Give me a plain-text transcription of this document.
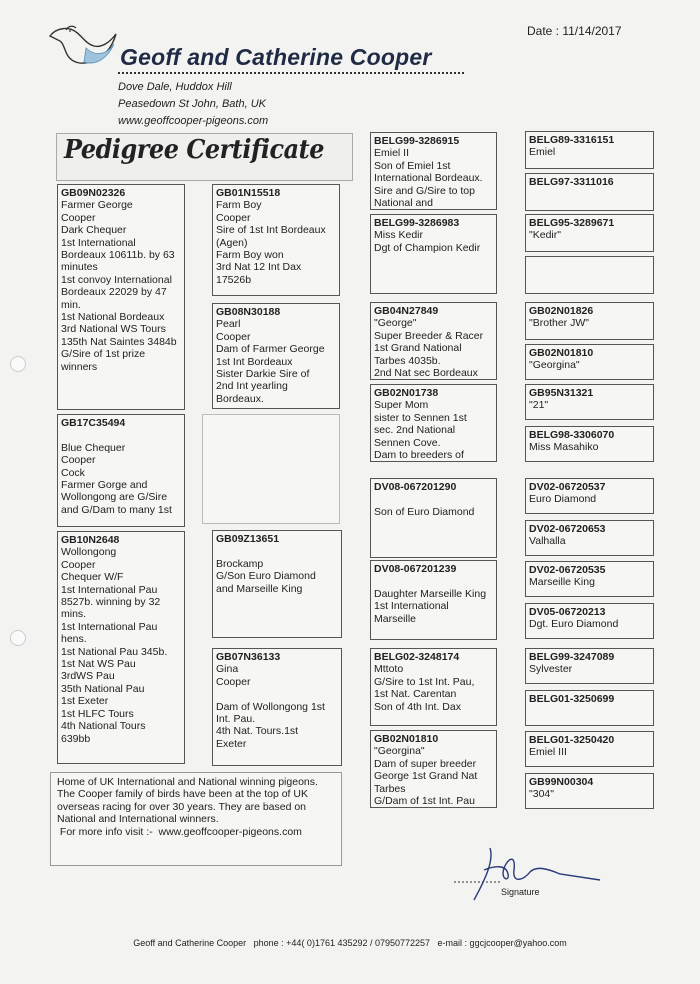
Date : 11/14/2017
Geoff and Catherine Cooper
Dove Dale, Huddox Hill
Peasedown St John, Bath, UK
www.geoffcooper-pigeons.com
Pedigree Certificate
GB09N02326
Farmer George
Cooper
Dark Chequer
1st International
Bordeaux 10611b. by 63
minutes
1st convoy International
Bordeaux 22029 by 47
min.
1st National Bordeaux
3rd National WS Tours
135th Nat Saintes 3484b
G/Sire of 1st prize
winners
GB17C35494

Blue Chequer
Cooper
Cock
Farmer Gorge and
Wollongong are G/Sire
and G/Dam to many 1st
GB10N2648
Wollongong
Cooper
Chequer W/F
1st International Pau
8527b. winning by 32
mins.
1st International Pau
hens.
1st National Pau 345b.
1st Nat WS Pau
3rdWS Pau
35th National Pau
1st Exeter
1st HLFC Tours
4th National Tours
639bb
GB01N15518
Farm Boy
Cooper
Sire of 1st Int Bordeaux
(Agen)
Farm Boy won
3rd Nat 12 Int Dax
17526b
GB08N30188
Pearl
Cooper
Dam of Farmer George
1st Int Bordeaux
Sister Darkie Sire of
2nd Int yearling
Bordeaux.
GB09Z13651

Brockamp
G/Son Euro Diamond
and Marseille King
GB07N36133
Gina
Cooper

Dam of Wollongong 1st
Int. Pau.
4th Nat. Tours.1st
Exeter
BELG99-3286915
Emiel II
Son of Emiel 1st
International Bordeaux.
Sire and G/Sire to top
National and
BELG99-3286983
Miss Kedir
Dgt of Champion Kedir
GB04N27849
"George"
Super Breeder & Racer
1st Grand National
Tarbes 4035b.
2nd Nat sec Bordeaux
GB02N01738
Super Mom
sister to Sennen 1st
sec. 2nd National
Sennen Cove.
Dam to breeders of
DV08-067201290

Son of Euro Diamond
DV08-067201239

Daughter Marseille King
1st International
Marseille
BELG02-3248174
Mttoto
G/Sire to 1st Int. Pau,
1st Nat. Carentan
Son of 4th Int. Dax
GB02N01810
"Georgina"
Dam of super breeder
George 1st Grand Nat
Tarbes
G/Dam of 1st Int. Pau
BELG89-3316151
Emiel
BELG97-3311016
BELG95-3289671
"Kedir"
GB02N01826
"Brother JW"
GB02N01810
"Georgina"
GB95N31321
"21"
BELG98-3306070
Miss Masahiko
DV02-06720537
Euro Diamond
DV02-06720653
Valhalla
DV02-06720535
Marseille King
DV05-06720213
Dgt. Euro Diamond
BELG99-3247089
Sylvester
BELG01-3250699
BELG01-3250420
Emiel III
GB99N00304
"304"
Home of UK International and National winning pigeons.
The Cooper family of birds have been at the top of UK
overseas racing for over 30 years. They are based on
National and International winners.
For more info visit :-  www.geoffcooper-pigeons.com
Signature
Geoff and Catherine Cooper   phone : +44( 0)1761 435292 / 07950772257   e-mail : ggcjcooper@yahoo.com
